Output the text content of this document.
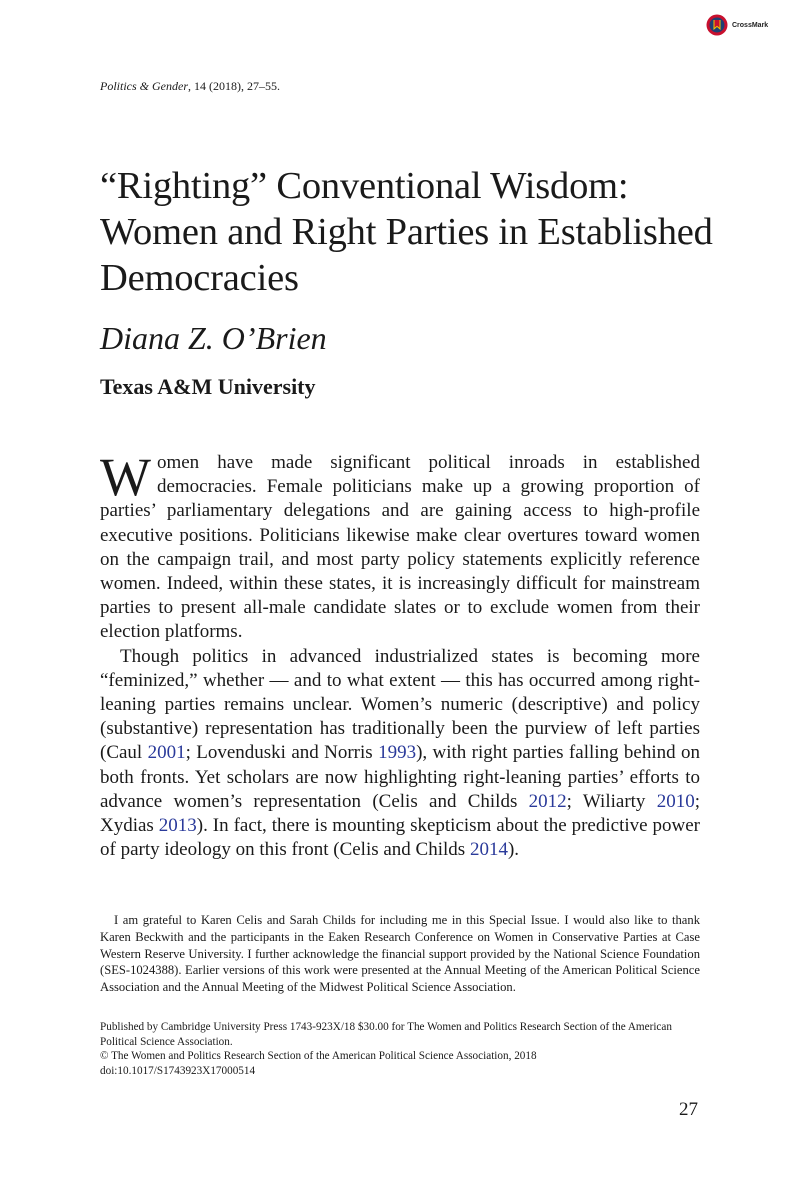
CrossMark
Politics & Gender, 14 (2018), 27–55.
“Righting” Conventional Wisdom: Women and Right Parties in Established Democracies
Diana Z. O’Brien
Texas A&M University

Women have made significant political inroads in established democracies. Female politicians make up a growing proportion of parties’ parliamentary delegations and are gaining access to high-profile executive positions. Politicians likewise make clear overtures toward women on the campaign trail, and most party policy statements explicitly reference women. Indeed, within these states, it is increasingly difficult for mainstream parties to present all-male candidate slates or to exclude women from their election platforms.

Though politics in advanced industrialized states is becoming more “feminized,” whether — and to what extent — this has occurred among right-leaning parties remains unclear. Women’s numeric (descriptive) and policy (substantive) representation has traditionally been the purview of left parties (Caul 2001; Lovenduski and Norris 1993), with right parties falling behind on both fronts. Yet scholars are now highlighting right-leaning parties’ efforts to advance women’s representation (Celis and Childs 2012; Wiliarty 2010; Xydias 2013). In fact, there is mounting skepticism about the predictive power of party ideology on this front (Celis and Childs 2014).

I am grateful to Karen Celis and Sarah Childs for including me in this Special Issue. I would also like to thank Karen Beckwith and the participants in the Eaken Research Conference on Women in Conservative Parties at Case Western Reserve University. I further acknowledge the financial support provided by the National Science Foundation (SES-1024388). Earlier versions of this work were presented at the Annual Meeting of the American Political Science Association and the Annual Meeting of the Midwest Political Science Association.

Published by Cambridge University Press 1743-923X/18 $30.00 for The Women and Politics Research Section of the American Political Science Association.
© The Women and Politics Research Section of the American Political Science Association, 2018
doi:10.1017/S1743923X17000514
27
